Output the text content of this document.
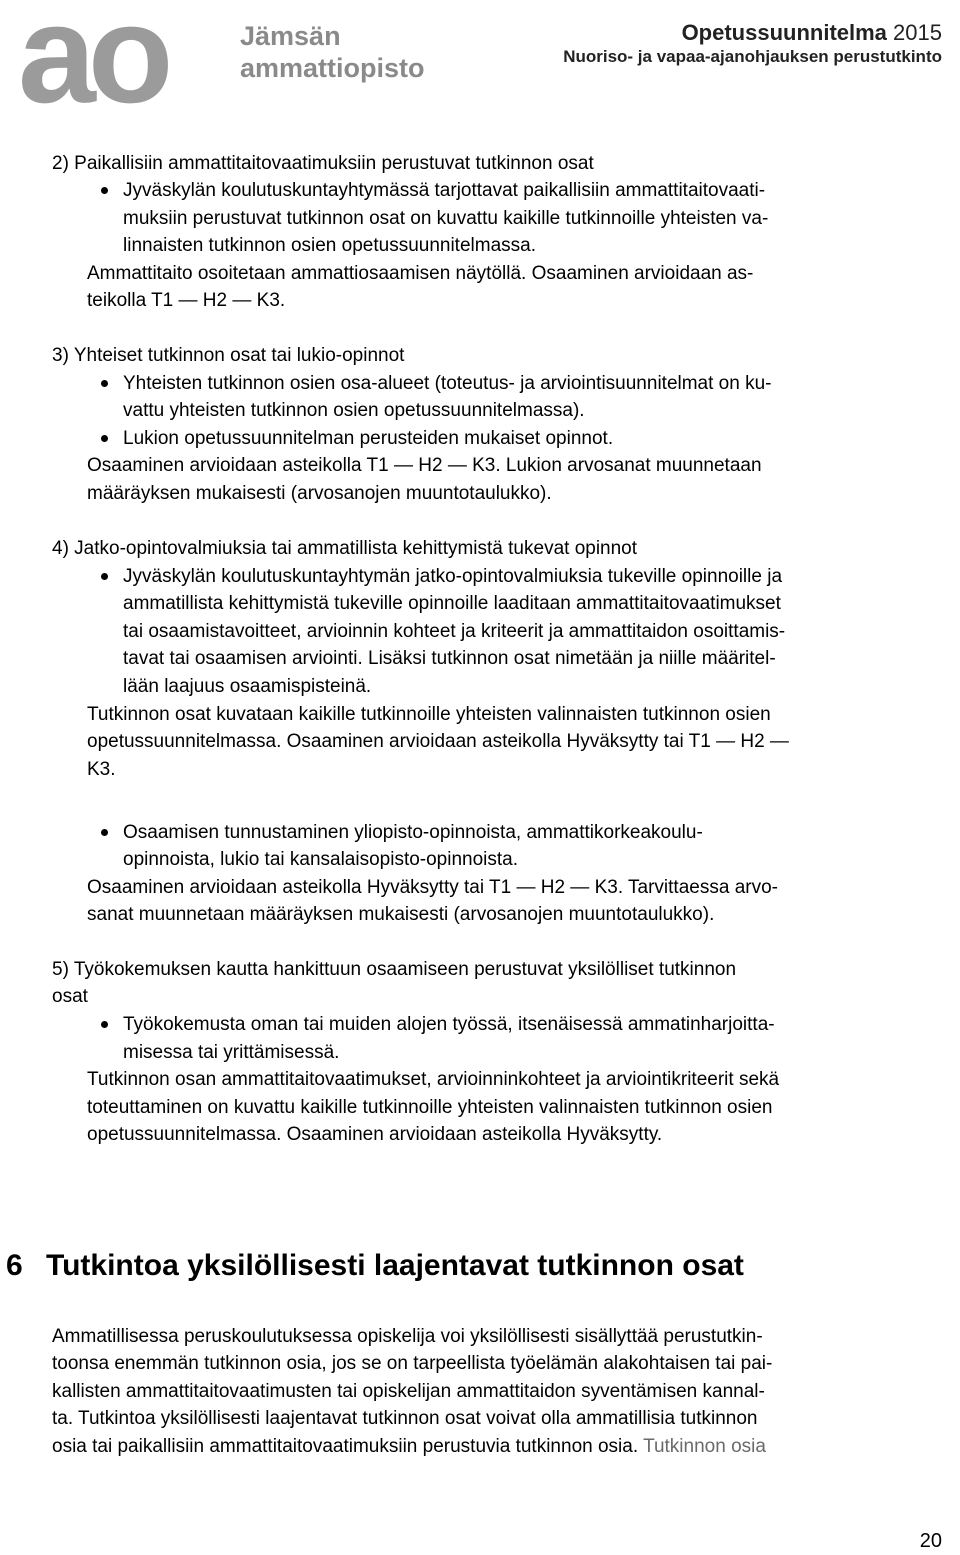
ao	Jämsän
ammattiopisto
Opetussuunnitelma 2015
Nuoriso- ja vapaa-ajanohjauksen perustutkinto
2) Paikallisiin ammattitaitovaatimuksiin perustuvat tutkinnon osat
Jyväskylän koulutuskuntayhtymässä tarjottavat paikallisiin ammattitaitovaati-
muksiin perustuvat tutkinnon osat on kuvattu kaikille tutkinnoille yhteisten va-
linnaisten tutkinnon osien opetussuunnitelmassa.
Ammattitaito osoitetaan ammattiosaamisen näytöllä. Osaaminen arvioidaan as-
teikolla T1 — H2 — K3.
3) Yhteiset tutkinnon osat tai lukio-opinnot
Yhteisten tutkinnon osien osa-alueet (toteutus- ja arviointisuunnitelmat on ku-
vattu yhteisten tutkinnon osien opetussuunnitelmassa).
Lukion opetussuunnitelman perusteiden mukaiset opinnot.
Osaaminen arvioidaan asteikolla T1 — H2 — K3. Lukion arvosanat muunnetaan
määräyksen mukaisesti (arvosanojen muuntotaulukko).
4) Jatko-opintovalmiuksia tai ammatillista kehittymistä tukevat opinnot
Jyväskylän koulutuskuntayhtymän jatko-opintovalmiuksia tukeville opinnoille ja
ammatillista kehittymistä tukeville opinnoille laaditaan ammattitaitovaatimukset
tai osaamistavoitteet, arvioinnin kohteet ja kriteerit ja ammattitaidon osoittamis-
tavat tai osaamisen arviointi. Lisäksi tutkinnon osat nimetään ja niille määritel-
lään laajuus osaamispisteinä.
Tutkinnon osat kuvataan kaikille tutkinnoille yhteisten valinnaisten tutkinnon osien
opetussuunnitelmassa. Osaaminen arvioidaan asteikolla Hyväksytty tai T1 — H2 —
K3.
Osaamisen tunnustaminen yliopisto-opinnoista, ammattikorkeakoulu-
opinnoista, lukio tai kansalaisopisto-opinnoista.
Osaaminen arvioidaan asteikolla Hyväksytty tai T1 — H2 — K3. Tarvittaessa arvo-
sanat muunnetaan määräyksen mukaisesti (arvosanojen muuntotaulukko).
5) Työkokemuksen kautta hankittuun osaamiseen perustuvat yksilölliset tutkinnon
osat
Työkokemusta oman tai muiden alojen työssä, itsenäisessä ammatinharjoitta-
misessa tai yrittämisessä.
Tutkinnon osan ammattitaitovaatimukset, arvioinninkohteet ja arviointikriteerit sekä
toteuttaminen on kuvattu kaikille tutkinnoille yhteisten valinnaisten tutkinnon osien
opetussuunnitelmassa. Osaaminen arvioidaan asteikolla Hyväksytty.
6 Tutkintoa yksilöllisesti laajentavat tutkinnon osat
Ammatillisessa peruskoulutuksessa opiskelija voi yksilöllisesti sisällyttää perustutkin-
toonsa enemmän tutkinnon osia, jos se on tarpeellista työelämän alakohtaisen tai pai-
kallisten ammattitaitovaatimusten tai opiskelijan ammattitaidon syventämisen kannal-
ta. Tutkintoa yksilöllisesti laajentavat tutkinnon osat voivat olla ammatillisia tutkinnon
osia tai paikallisiin ammattitaitovaatimuksiin perustuvia tutkinnon osia. Tutkinnon osia
20
